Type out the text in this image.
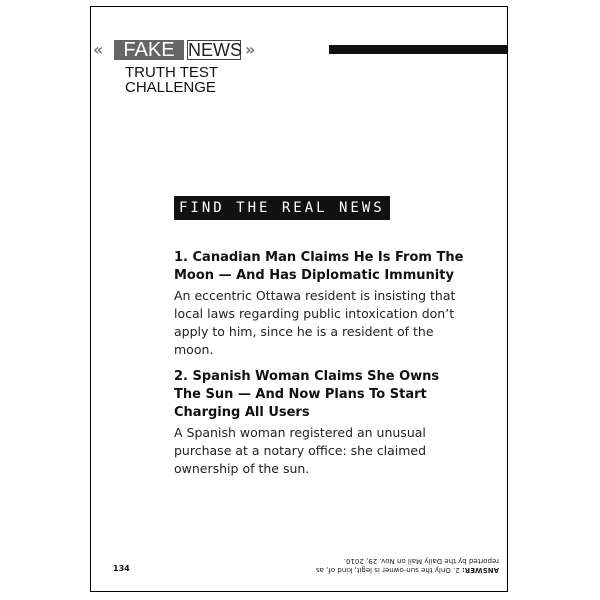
«	FAKE NEWS »
TRUTH TEST
CHALLENGE
FIND THE REAL NEWS

1. Canadian Man Claims He Is From The Moon — And Has Diplomatic Immunity

An eccentric Ottawa resident is insisting that local laws regarding public intoxication don’t apply to him, since he is a resident of the moon.

2. Spanish Woman Claims She Owns The Sun — And Now Plans To Start Charging All Users

A Spanish woman registered an unusual purchase at a notary office: she claimed ownership of the sun.

134	ANSWER: 2. Only the sun-owner is legit, kind of, as reported by the Daily Mail on Nov. 29, 2010.
